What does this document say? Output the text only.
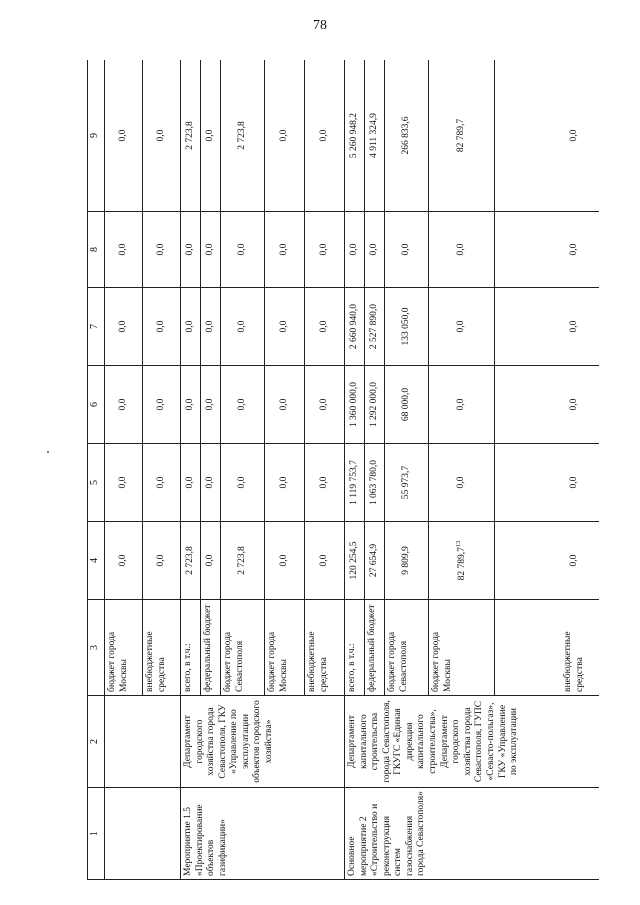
78
1	2	3	4	5	6	7	8	9
		бюджет города Москвы	0,0	0,0	0,0	0,0	0,0	0,0
		внебюджетные средства	0,0	0,0	0,0	0,0	0,0	0,0
Мероприятие 1.5 «Проектирование объектов газификации»	Департамент городского хозяйства города Севастополя, ГКУ «Управление по эксплуатации объектов городского хозяйства»	всего, в т.ч.:	2 723,8	0,0	0,0	0,0	0,0	2 723,8
		федеральный бюджет	0,0	0,0	0,0	0,0	0,0	0,0
		бюджет города Севастополя	2 723,8	0,0	0,0	0,0	0,0	2 723,8
		бюджет города Москвы	0,0	0,0	0,0	0,0	0,0	0,0
		внебюджетные средства	0,0	0,0	0,0	0,0	0,0	0,0
Основное мероприятие 2 «Строительство и реконструкция систем газоснабжения города Севастополя»	Департамент капитального строительства города Севастополя, ГКУГС «Единая дирекция капитального строительства», Департамент городского хозяйства города Севастополя, ГУПС «Севасто-польгаз», ГКУ «Управление по эксплуатации	всего, в т.ч.:	120 254,5	1 119 753,7	1 360 000,0	2 660 940,0	0,0	5 260 948,2
		федеральный бюджет	27 654,9	1 063 780,0	1 292 000,0	2 527 890,0	0,0	4 911 324,9
		бюджет города Севастополя	9 809,9	55 973,7	68 000,0	133 050,0	0,0	266 833,6
		бюджет города Москвы	82 789,7$^{13}$	0,0	0,0	0,0	0,0	82 789,7
		внебюджетные средства	0,0	0,0	0,0	0,0	0,0	0,0
